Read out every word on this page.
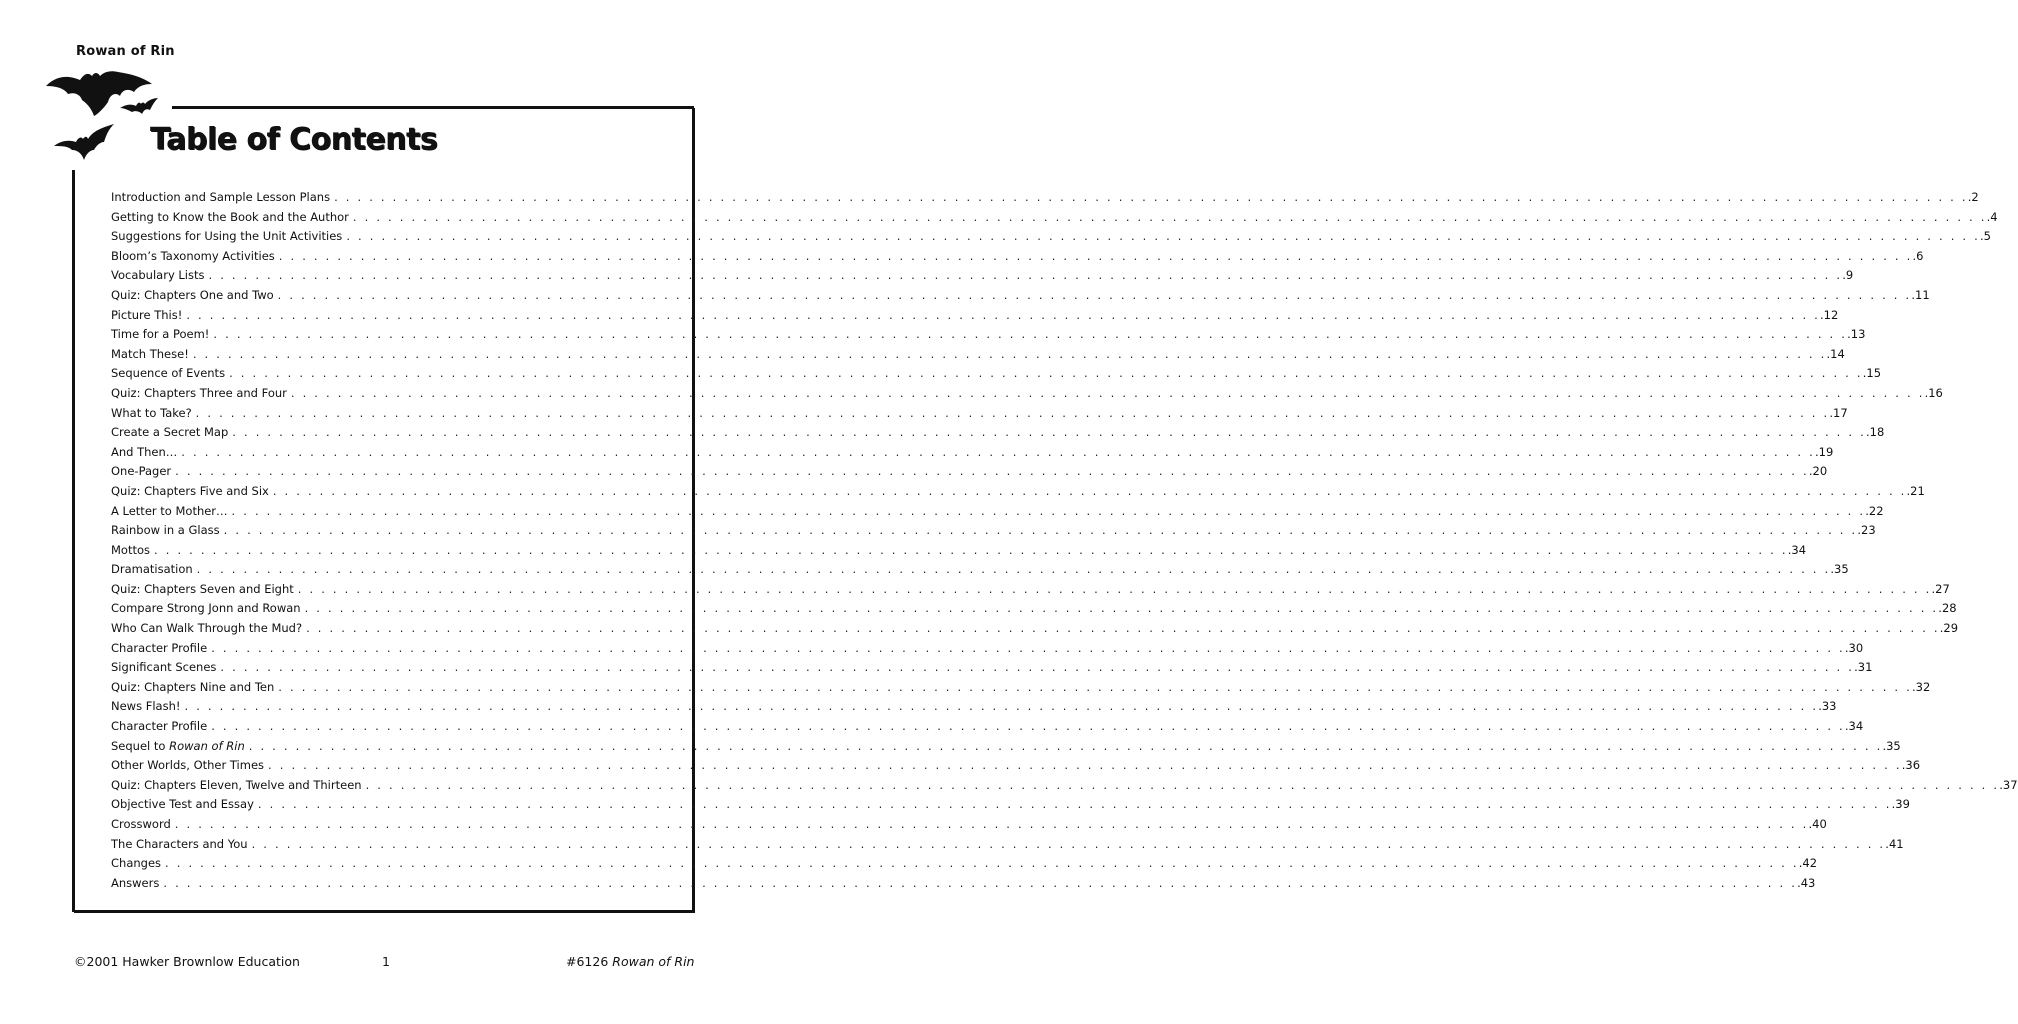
Rowan of Rin
Table of Contents
Introduction and Sample Lesson Plans . . . . . . . . . . . . . . . . . . . . . . . . . . . . . . . . . . . . . . . . . . . . . . . . . . . . . . . . . . . . . . . . . . . . . . . . . . . . . . . . . . . . . . . . . . . . . . . . . . . . . . . . . . . . . . . . . . . . . . . . . . . . . . . . . . . . . . . . . . . . .2
Getting to Know the Book and the Author . . . . . . . . . . . . . . . . . . . . . . . . . . . . . . . . . . . . . . . . . . . . . . . . . . . . . . . . . . . . . . . . . . . . . . . . . . . . . . . . . . . . . . . . . . . . . . . . . . . . . . . . . . . . . . . . . . . . . . . . . . . . . . . . . . . . . . . . . . . . .4
Suggestions for Using the Unit Activities . . . . . . . . . . . . . . . . . . . . . . . . . . . . . . . . . . . . . . . . . . . . . . . . . . . . . . . . . . . . . . . . . . . . . . . . . . . . . . . . . . . . . . . . . . . . . . . . . . . . . . . . . . . . . . . . . . . . . . . . . . . . . . . . . . . . . . . . . . . . .5
Bloom’s Taxonomy Activities . . . . . . . . . . . . . . . . . . . . . . . . . . . . . . . . . . . . . . . . . . . . . . . . . . . . . . . . . . . . . . . . . . . . . . . . . . . . . . . . . . . . . . . . . . . . . . . . . . . . . . . . . . . . . . . . . . . . . . . . . . . . . . . . . . . . . . . . . . . . .6
Vocabulary Lists . . . . . . . . . . . . . . . . . . . . . . . . . . . . . . . . . . . . . . . . . . . . . . . . . . . . . . . . . . . . . . . . . . . . . . . . . . . . . . . . . . . . . . . . . . . . . . . . . . . . . . . . . . . . . . . . . . . . . . . . . . . . . . . . . . . . . . . . . . . . .9
Quiz: Chapters One and Two . . . . . . . . . . . . . . . . . . . . . . . . . . . . . . . . . . . . . . . . . . . . . . . . . . . . . . . . . . . . . . . . . . . . . . . . . . . . . . . . . . . . . . . . . . . . . . . . . . . . . . . . . . . . . . . . . . . . . . . . . . . . . . . . . . . . . . . . . . . . .11
Picture This! . . . . . . . . . . . . . . . . . . . . . . . . . . . . . . . . . . . . . . . . . . . . . . . . . . . . . . . . . . . . . . . . . . . . . . . . . . . . . . . . . . . . . . . . . . . . . . . . . . . . . . . . . . . . . . . . . . . . . . . . . . . . . . . . . . . . . . . . . . . . .12
Time for a Poem! . . . . . . . . . . . . . . . . . . . . . . . . . . . . . . . . . . . . . . . . . . . . . . . . . . . . . . . . . . . . . . . . . . . . . . . . . . . . . . . . . . . . . . . . . . . . . . . . . . . . . . . . . . . . . . . . . . . . . . . . . . . . . . . . . . . . . . . . . . . . .13
Match These! . . . . . . . . . . . . . . . . . . . . . . . . . . . . . . . . . . . . . . . . . . . . . . . . . . . . . . . . . . . . . . . . . . . . . . . . . . . . . . . . . . . . . . . . . . . . . . . . . . . . . . . . . . . . . . . . . . . . . . . . . . . . . . . . . . . . . . . . . . . . .14
Sequence of Events . . . . . . . . . . . . . . . . . . . . . . . . . . . . . . . . . . . . . . . . . . . . . . . . . . . . . . . . . . . . . . . . . . . . . . . . . . . . . . . . . . . . . . . . . . . . . . . . . . . . . . . . . . . . . . . . . . . . . . . . . . . . . . . . . . . . . . . . . . . . .15
Quiz: Chapters Three and Four . . . . . . . . . . . . . . . . . . . . . . . . . . . . . . . . . . . . . . . . . . . . . . . . . . . . . . . . . . . . . . . . . . . . . . . . . . . . . . . . . . . . . . . . . . . . . . . . . . . . . . . . . . . . . . . . . . . . . . . . . . . . . . . . . . . . . . . . . . . . .16
What to Take? . . . . . . . . . . . . . . . . . . . . . . . . . . . . . . . . . . . . . . . . . . . . . . . . . . . . . . . . . . . . . . . . . . . . . . . . . . . . . . . . . . . . . . . . . . . . . . . . . . . . . . . . . . . . . . . . . . . . . . . . . . . . . . . . . . . . . . . . . . . . .17
Create a Secret Map . . . . . . . . . . . . . . . . . . . . . . . . . . . . . . . . . . . . . . . . . . . . . . . . . . . . . . . . . . . . . . . . . . . . . . . . . . . . . . . . . . . . . . . . . . . . . . . . . . . . . . . . . . . . . . . . . . . . . . . . . . . . . . . . . . . . . . . . . . . . .18
And Then… . . . . . . . . . . . . . . . . . . . . . . . . . . . . . . . . . . . . . . . . . . . . . . . . . . . . . . . . . . . . . . . . . . . . . . . . . . . . . . . . . . . . . . . . . . . . . . . . . . . . . . . . . . . . . . . . . . . . . . . . . . . . . . . . . . . . . . . . . . . . .19
One-Pager . . . . . . . . . . . . . . . . . . . . . . . . . . . . . . . . . . . . . . . . . . . . . . . . . . . . . . . . . . . . . . . . . . . . . . . . . . . . . . . . . . . . . . . . . . . . . . . . . . . . . . . . . . . . . . . . . . . . . . . . . . . . . . . . . . . . . . . . . . . . .20
Quiz: Chapters Five and Six . . . . . . . . . . . . . . . . . . . . . . . . . . . . . . . . . . . . . . . . . . . . . . . . . . . . . . . . . . . . . . . . . . . . . . . . . . . . . . . . . . . . . . . . . . . . . . . . . . . . . . . . . . . . . . . . . . . . . . . . . . . . . . . . . . . . . . . . . . . . .21
A Letter to Mother… . . . . . . . . . . . . . . . . . . . . . . . . . . . . . . . . . . . . . . . . . . . . . . . . . . . . . . . . . . . . . . . . . . . . . . . . . . . . . . . . . . . . . . . . . . . . . . . . . . . . . . . . . . . . . . . . . . . . . . . . . . . . . . . . . . . . . . . . . . . . .22
Rainbow in a Glass . . . . . . . . . . . . . . . . . . . . . . . . . . . . . . . . . . . . . . . . . . . . . . . . . . . . . . . . . . . . . . . . . . . . . . . . . . . . . . . . . . . . . . . . . . . . . . . . . . . . . . . . . . . . . . . . . . . . . . . . . . . . . . . . . . . . . . . . . . . . .23
Mottos . . . . . . . . . . . . . . . . . . . . . . . . . . . . . . . . . . . . . . . . . . . . . . . . . . . . . . . . . . . . . . . . . . . . . . . . . . . . . . . . . . . . . . . . . . . . . . . . . . . . . . . . . . . . . . . . . . . . . . . . . . . . . . . . . . . . . . . . . . . . .34
Dramatisation . . . . . . . . . . . . . . . . . . . . . . . . . . . . . . . . . . . . . . . . . . . . . . . . . . . . . . . . . . . . . . . . . . . . . . . . . . . . . . . . . . . . . . . . . . . . . . . . . . . . . . . . . . . . . . . . . . . . . . . . . . . . . . . . . . . . . . . . . . . . .35
Quiz: Chapters Seven and Eight . . . . . . . . . . . . . . . . . . . . . . . . . . . . . . . . . . . . . . . . . . . . . . . . . . . . . . . . . . . . . . . . . . . . . . . . . . . . . . . . . . . . . . . . . . . . . . . . . . . . . . . . . . . . . . . . . . . . . . . . . . . . . . . . . . . . . . . . . . . . .27
Compare Strong Jonn and Rowan . . . . . . . . . . . . . . . . . . . . . . . . . . . . . . . . . . . . . . . . . . . . . . . . . . . . . . . . . . . . . . . . . . . . . . . . . . . . . . . . . . . . . . . . . . . . . . . . . . . . . . . . . . . . . . . . . . . . . . . . . . . . . . . . . . . . . . . . . . . . .28
Who Can Walk Through the Mud? . . . . . . . . . . . . . . . . . . . . . . . . . . . . . . . . . . . . . . . . . . . . . . . . . . . . . . . . . . . . . . . . . . . . . . . . . . . . . . . . . . . . . . . . . . . . . . . . . . . . . . . . . . . . . . . . . . . . . . . . . . . . . . . . . . . . . . . . . . . . .29
Character Profile . . . . . . . . . . . . . . . . . . . . . . . . . . . . . . . . . . . . . . . . . . . . . . . . . . . . . . . . . . . . . . . . . . . . . . . . . . . . . . . . . . . . . . . . . . . . . . . . . . . . . . . . . . . . . . . . . . . . . . . . . . . . . . . . . . . . . . . . . . . . .30
Significant Scenes . . . . . . . . . . . . . . . . . . . . . . . . . . . . . . . . . . . . . . . . . . . . . . . . . . . . . . . . . . . . . . . . . . . . . . . . . . . . . . . . . . . . . . . . . . . . . . . . . . . . . . . . . . . . . . . . . . . . . . . . . . . . . . . . . . . . . . . . . . . . .31
Quiz: Chapters Nine and Ten . . . . . . . . . . . . . . . . . . . . . . . . . . . . . . . . . . . . . . . . . . . . . . . . . . . . . . . . . . . . . . . . . . . . . . . . . . . . . . . . . . . . . . . . . . . . . . . . . . . . . . . . . . . . . . . . . . . . . . . . . . . . . . . . . . . . . . . . . . . . .32
News Flash! . . . . . . . . . . . . . . . . . . . . . . . . . . . . . . . . . . . . . . . . . . . . . . . . . . . . . . . . . . . . . . . . . . . . . . . . . . . . . . . . . . . . . . . . . . . . . . . . . . . . . . . . . . . . . . . . . . . . . . . . . . . . . . . . . . . . . . . . . . . . .33
Character Profile . . . . . . . . . . . . . . . . . . . . . . . . . . . . . . . . . . . . . . . . . . . . . . . . . . . . . . . . . . . . . . . . . . . . . . . . . . . . . . . . . . . . . . . . . . . . . . . . . . . . . . . . . . . . . . . . . . . . . . . . . . . . . . . . . . . . . . . . . . . . .34
Sequel to Rowan of Rin . . . . . . . . . . . . . . . . . . . . . . . . . . . . . . . . . . . . . . . . . . . . . . . . . . . . . . . . . . . . . . . . . . . . . . . . . . . . . . . . . . . . . . . . . . . . . . . . . . . . . . . . . . . . . . . . . . . . . . . . . . . . . . . . . . . . . . . . . . . . .35
Other Worlds, Other Times . . . . . . . . . . . . . . . . . . . . . . . . . . . . . . . . . . . . . . . . . . . . . . . . . . . . . . . . . . . . . . . . . . . . . . . . . . . . . . . . . . . . . . . . . . . . . . . . . . . . . . . . . . . . . . . . . . . . . . . . . . . . . . . . . . . . . . . . . . . . .36
Quiz: Chapters Eleven, Twelve and Thirteen . . . . . . . . . . . . . . . . . . . . . . . . . . . . . . . . . . . . . . . . . . . . . . . . . . . . . . . . . . . . . . . . . . . . . . . . . . . . . . . . . . . . . . . . . . . . . . . . . . . . . . . . . . . . . . . . . . . . . . . . . . . . . . . . . . . . . . . . . . . . .37
Objective Test and Essay . . . . . . . . . . . . . . . . . . . . . . . . . . . . . . . . . . . . . . . . . . . . . . . . . . . . . . . . . . . . . . . . . . . . . . . . . . . . . . . . . . . . . . . . . . . . . . . . . . . . . . . . . . . . . . . . . . . . . . . . . . . . . . . . . . . . . . . . . . . . .39
Crossword . . . . . . . . . . . . . . . . . . . . . . . . . . . . . . . . . . . . . . . . . . . . . . . . . . . . . . . . . . . . . . . . . . . . . . . . . . . . . . . . . . . . . . . . . . . . . . . . . . . . . . . . . . . . . . . . . . . . . . . . . . . . . . . . . . . . . . . . . . . . .40
The Characters and You . . . . . . . . . . . . . . . . . . . . . . . . . . . . . . . . . . . . . . . . . . . . . . . . . . . . . . . . . . . . . . . . . . . . . . . . . . . . . . . . . . . . . . . . . . . . . . . . . . . . . . . . . . . . . . . . . . . . . . . . . . . . . . . . . . . . . . . . . . . . .41
Changes . . . . . . . . . . . . . . . . . . . . . . . . . . . . . . . . . . . . . . . . . . . . . . . . . . . . . . . . . . . . . . . . . . . . . . . . . . . . . . . . . . . . . . . . . . . . . . . . . . . . . . . . . . . . . . . . . . . . . . . . . . . . . . . . . . . . . . . . . . . . .42
Answers . . . . . . . . . . . . . . . . . . . . . . . . . . . . . . . . . . . . . . . . . . . . . . . . . . . . . . . . . . . . . . . . . . . . . . . . . . . . . . . . . . . . . . . . . . . . . . . . . . . . . . . . . . . . . . . . . . . . . . . . . . . . . . . . . . . . . . . . . . . . .43
©2001 Hawker Brownlow Education	1	#6126 Rowan of Rin
